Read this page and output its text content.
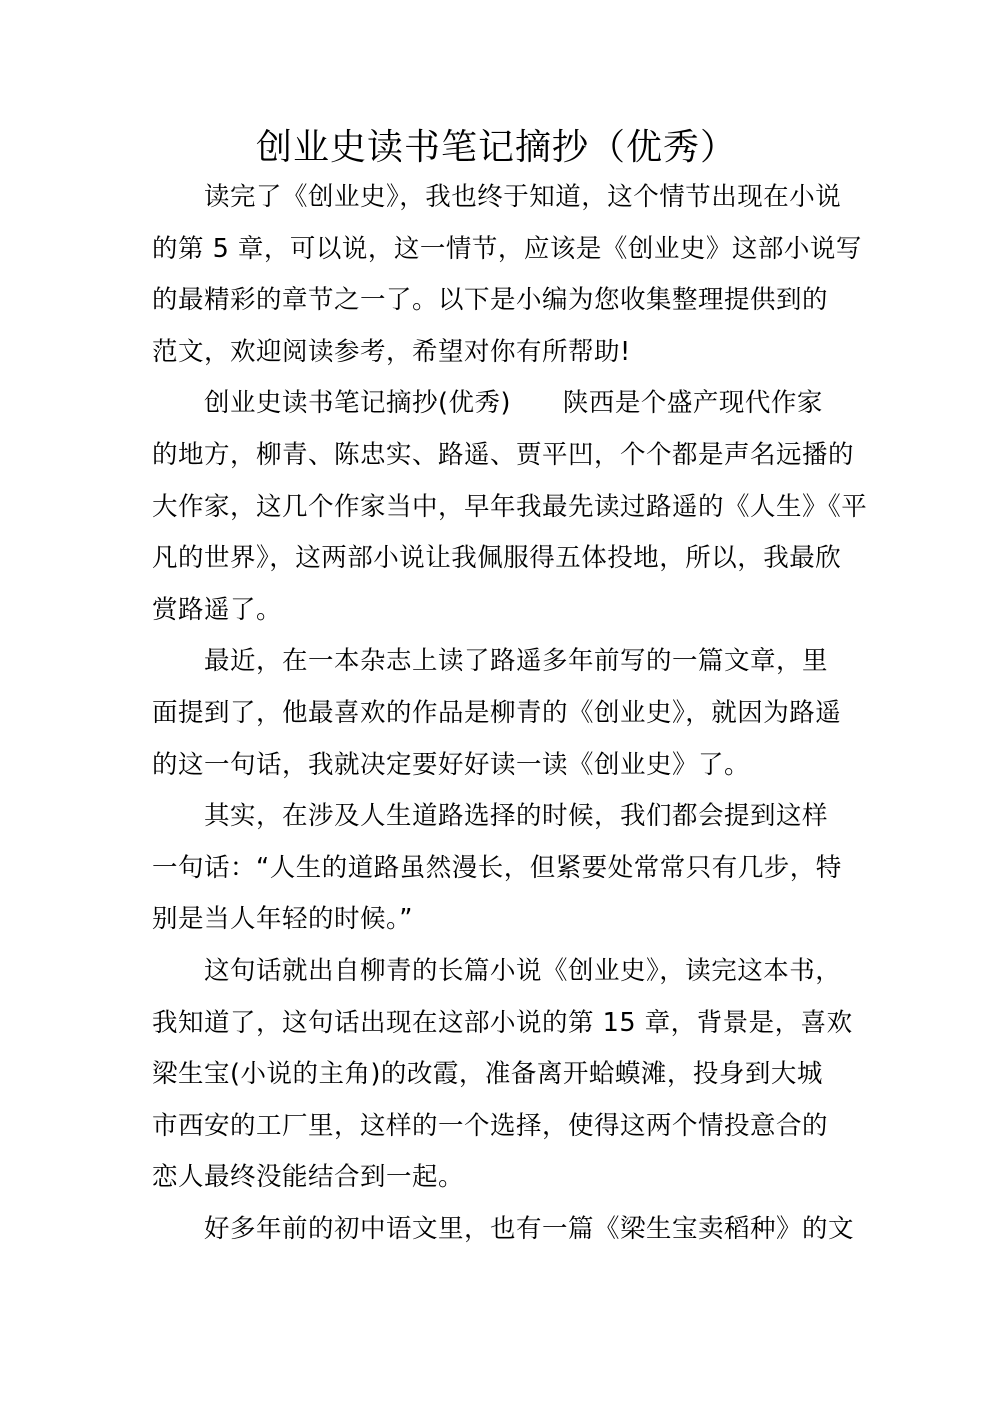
创业史读书笔记摘抄（优秀）

读完了《创业史》，我也终于知道，这个情节出现在小说
的第 5 章，可以说，这一情节，应该是《创业史》这部小说写
的最精彩的章节之一了。以下是小编为您收集整理提供到的
范文，欢迎阅读参考，希望对你有所帮助!

创业史读书笔记摘抄(优秀)　　陕西是个盛产现代作家
的地方，柳青、陈忠实、路遥、贾平凹，个个都是声名远播的
大作家，这几个作家当中，早年我最先读过路遥的《人生》《平
凡的世界》，这两部小说让我佩服得五体投地，所以，我最欣
赏路遥了。

最近，在一本杂志上读了路遥多年前写的一篇文章，里
面提到了，他最喜欢的作品是柳青的《创业史》，就因为路遥
的这一句话，我就决定要好好读一读《创业史》了。

其实，在涉及人生道路选择的时候，我们都会提到这样
一句话：“人生的道路虽然漫长，但紧要处常常只有几步，特
别是当人年轻的时候。”

这句话就出自柳青的长篇小说《创业史》，读完这本书，
我知道了，这句话出现在这部小说的第 15 章，背景是，喜欢
梁生宝(小说的主角)的改霞，准备离开蛤蟆滩，投身到大城
市西安的工厂里，这样的一个选择，使得这两个情投意合的
恋人最终没能结合到一起。

好多年前的初中语文里，也有一篇《梁生宝卖稻种》的文
